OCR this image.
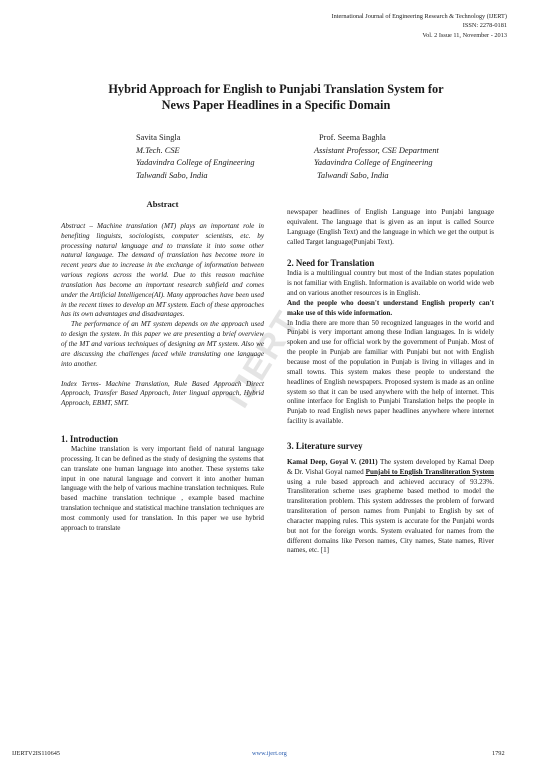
International Journal of Engineering Research & Technology (IJERT)
ISSN: 2278-0181
Vol. 2 Issue 11, November - 2013
Hybrid Approach for English to Punjabi Translation System for
News Paper Headlines in a Specific Domain
Savita Singla
M.Tech. CSE
Yadavindra College of Engineering
Talwandi Sabo, India
Prof. Seema Baghla
Assistant Professor, CSE Department
Yadavindra College of Engineering
Talwandi Sabo, India
IJERT
Abstract

Abstract – Machine translation (MT) plays an important role in benefiting linguists, sociologists, computer scientists, etc. by processing natural language and to translate it into some other natural language. The demand of translation has become more in recent years due to increase in the exchange of information between various regions across the world. Due to this reason machine translation has become an important research subfield and comes under the Artificial Intelligence(AI). Many approaches have been used in the recent times to develop an MT system. Each of these approaches has its own advantages and disadvantages.

The performance of an MT system depends on the approach used to design the system. In this paper we are presenting a brief overview of the MT and various techniques of designing an MT system. Also we are discussing the challenges faced while translating one language into another.

Index Terms- Machine Translation, Rule Based Approach Direct Approach, Transfer Based Approach, Inter lingual approach, Hybrid Approach, EBMT, SMT.

1. Introduction

Machine translation is very important field of natural language processing. It can be defined as the study of designing the systems that can translate one human language into another. These systems take input in one natural language and convert it into another human language with the help of various machine translation techniques. Rule based machine translation technique , example based machine translation technique and statistical machine translation techniques are most commonly used for translation. In this paper we use hybrid approach to translate

newspaper headlines of English Language into Punjabi language equivalent. The language that is given as an input is called Source Language (English Text) and the language in which we get the output is called Target language(Punjabi Text).

2. Need for Translation

India is a multilingual country but most of the Indian states population is not familiar with English. Information is available on world wide web and on various another resources is in English.

And the people who doesn't understand English properly can't make use of this wide information.

In India there are more than 50 recognized languages in the world and Punjabi is very important among these Indian languages. In is widely spoken and use for official work by the government of Punjab. Most of the people in Punjab are familiar with Punjabi but not with English because most of the population in Punjab is living in villages and in small towns. This system makes these people to understand the headlines of English newspapers. Proposed system is made as an online system so that it can be used anywhere with the help of internet. This online interface for English to Punjabi Translation helps the people in Punjab to read English news paper headlines anywhere where internet facility is available.

3. Literature survey

Kamal Deep, Goyal V. (2011) The system developed by Kamal Deep & Dr. Vishal Goyal named Punjabi to English Transliteration System using a rule based approach and achieved accuracy of 93.23%. Transliteration scheme uses grapheme based method to model the transliteration problem. This system addresses the problem of forward transliteration of person names from Punjabi to English by set of character mapping rules. This system is accurate for the Punjabi words but not for the foreign words. System evaluated for names from the different domains like Person names, City names, State names, River names, etc. [1]

IJERTV2IS110645	www.ijert.org	1792
